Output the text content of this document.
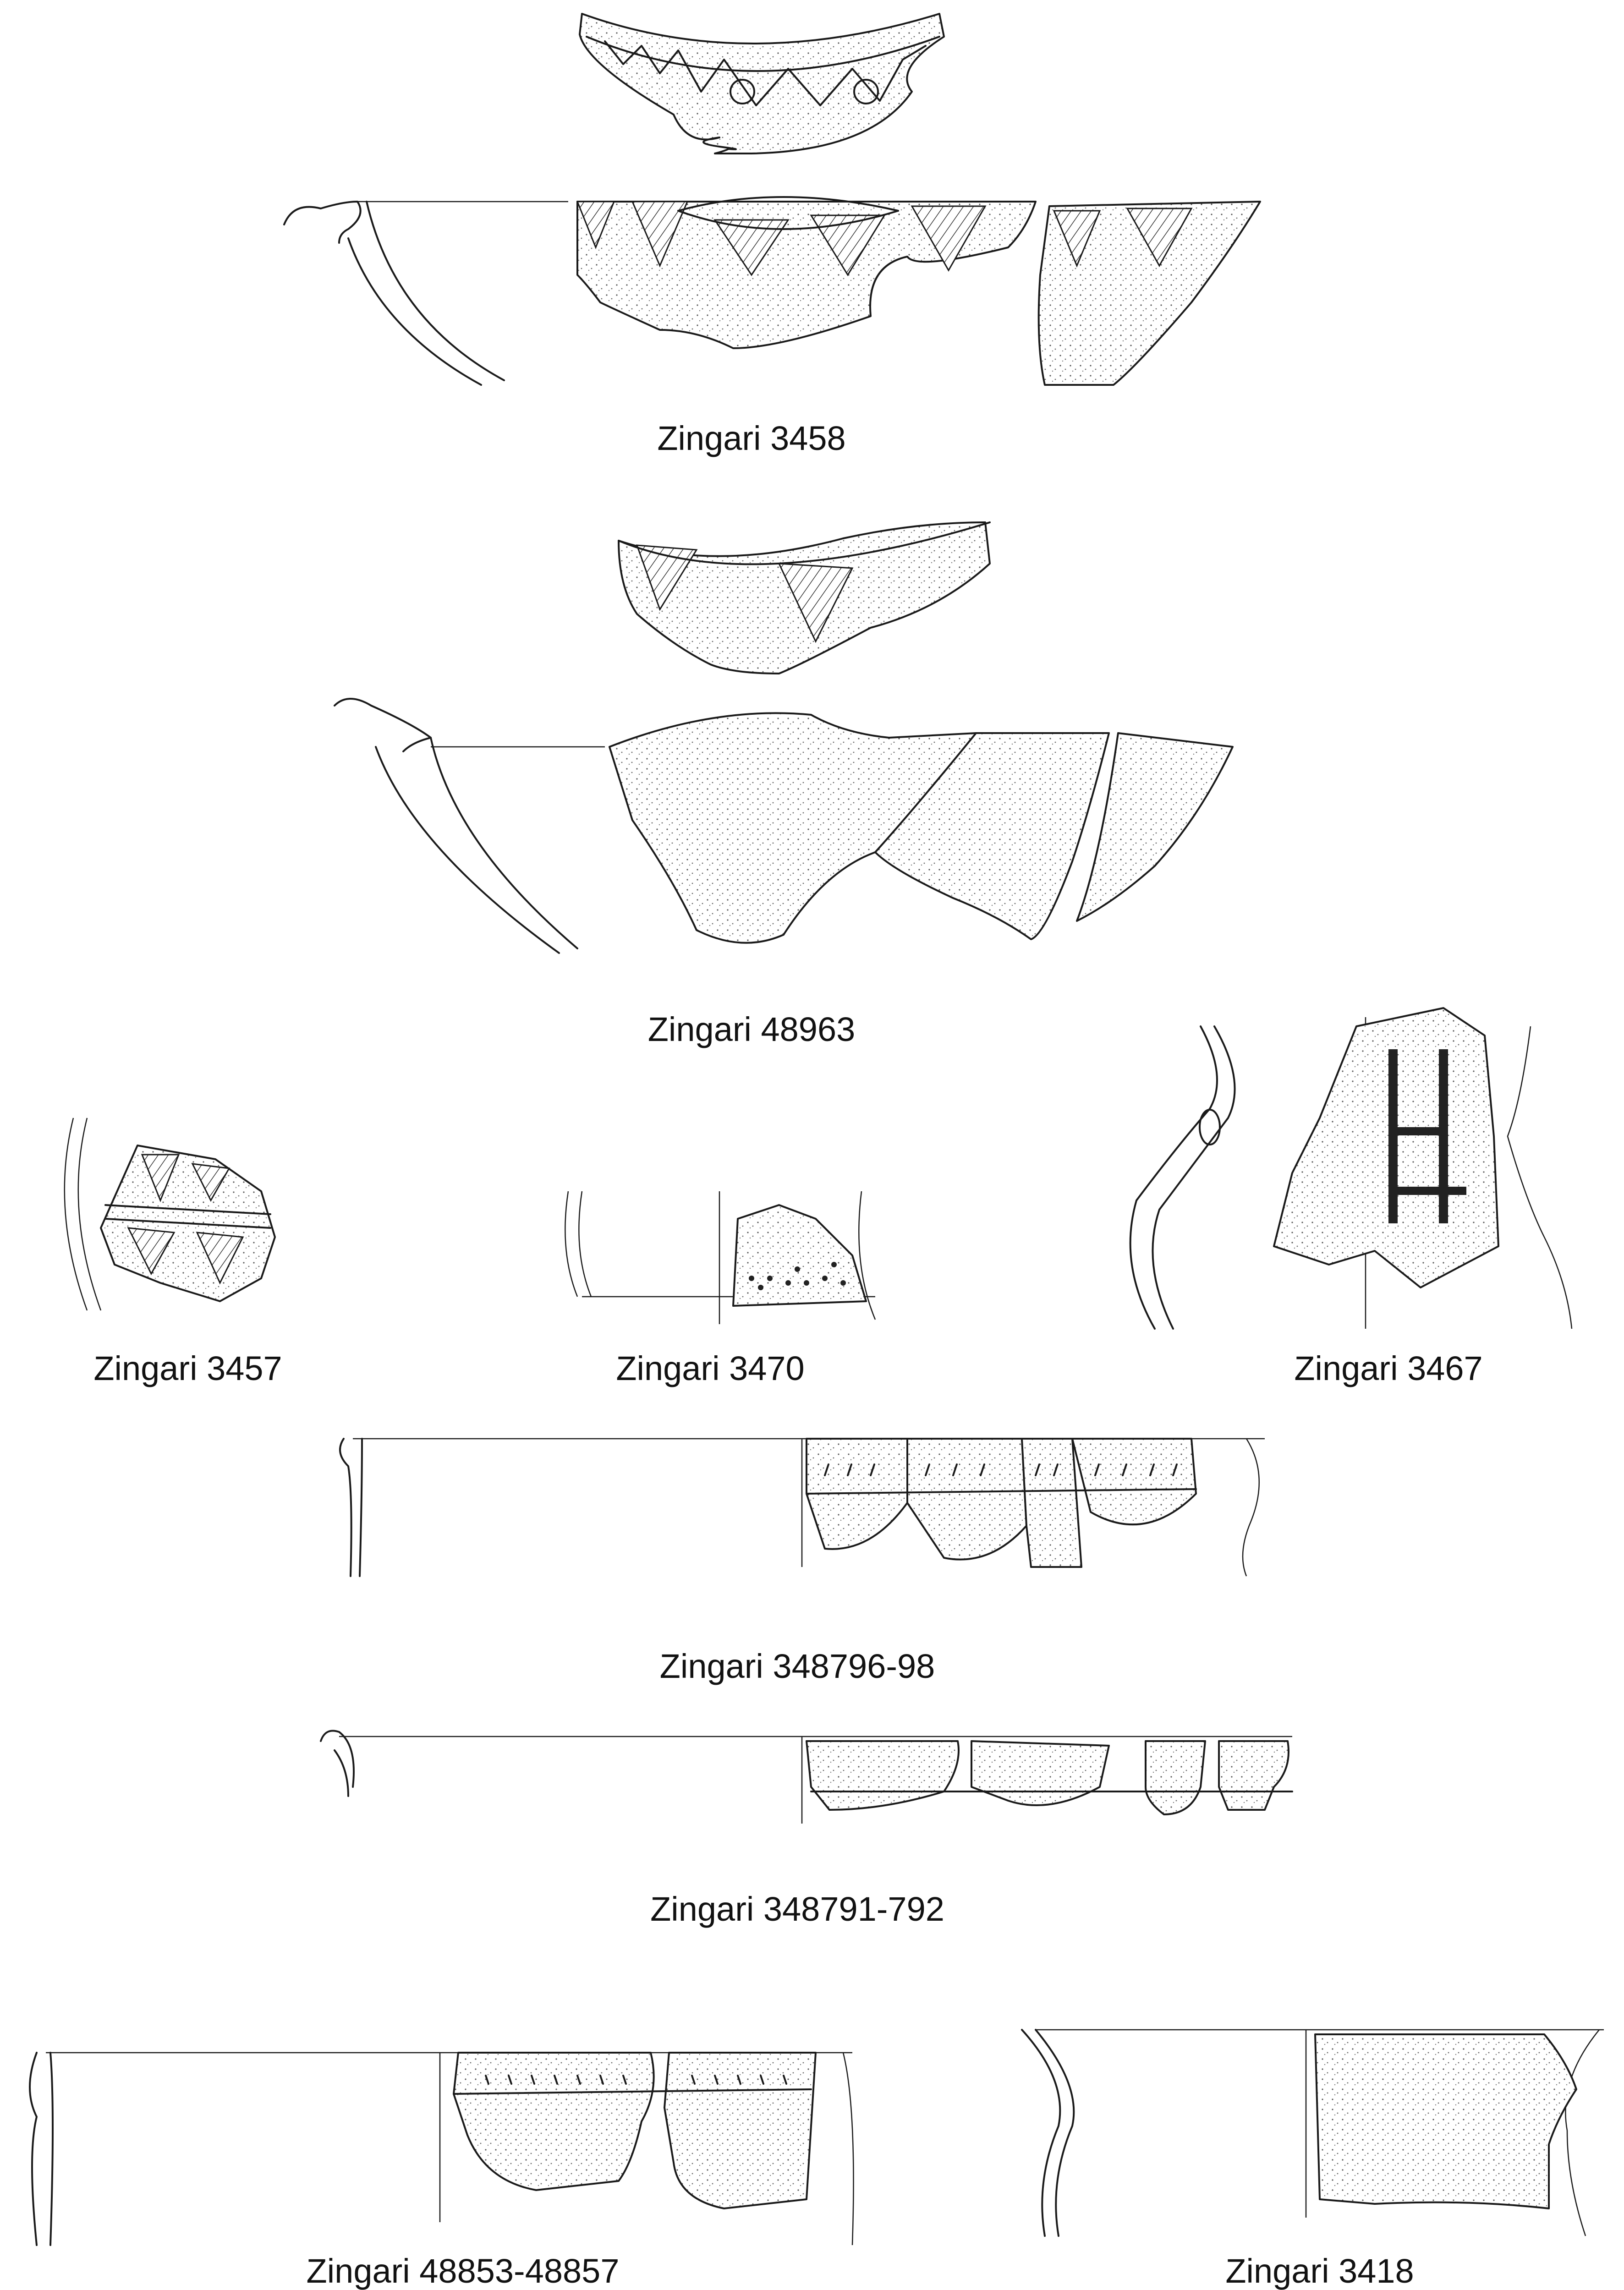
Zingari 3458
Zingari 48963
Zingari 3457	Zingari 3470	Zingari 3467
Zingari 348796-98
Zingari 348791-792
Zingari 48853-48857	Zingari 3418
